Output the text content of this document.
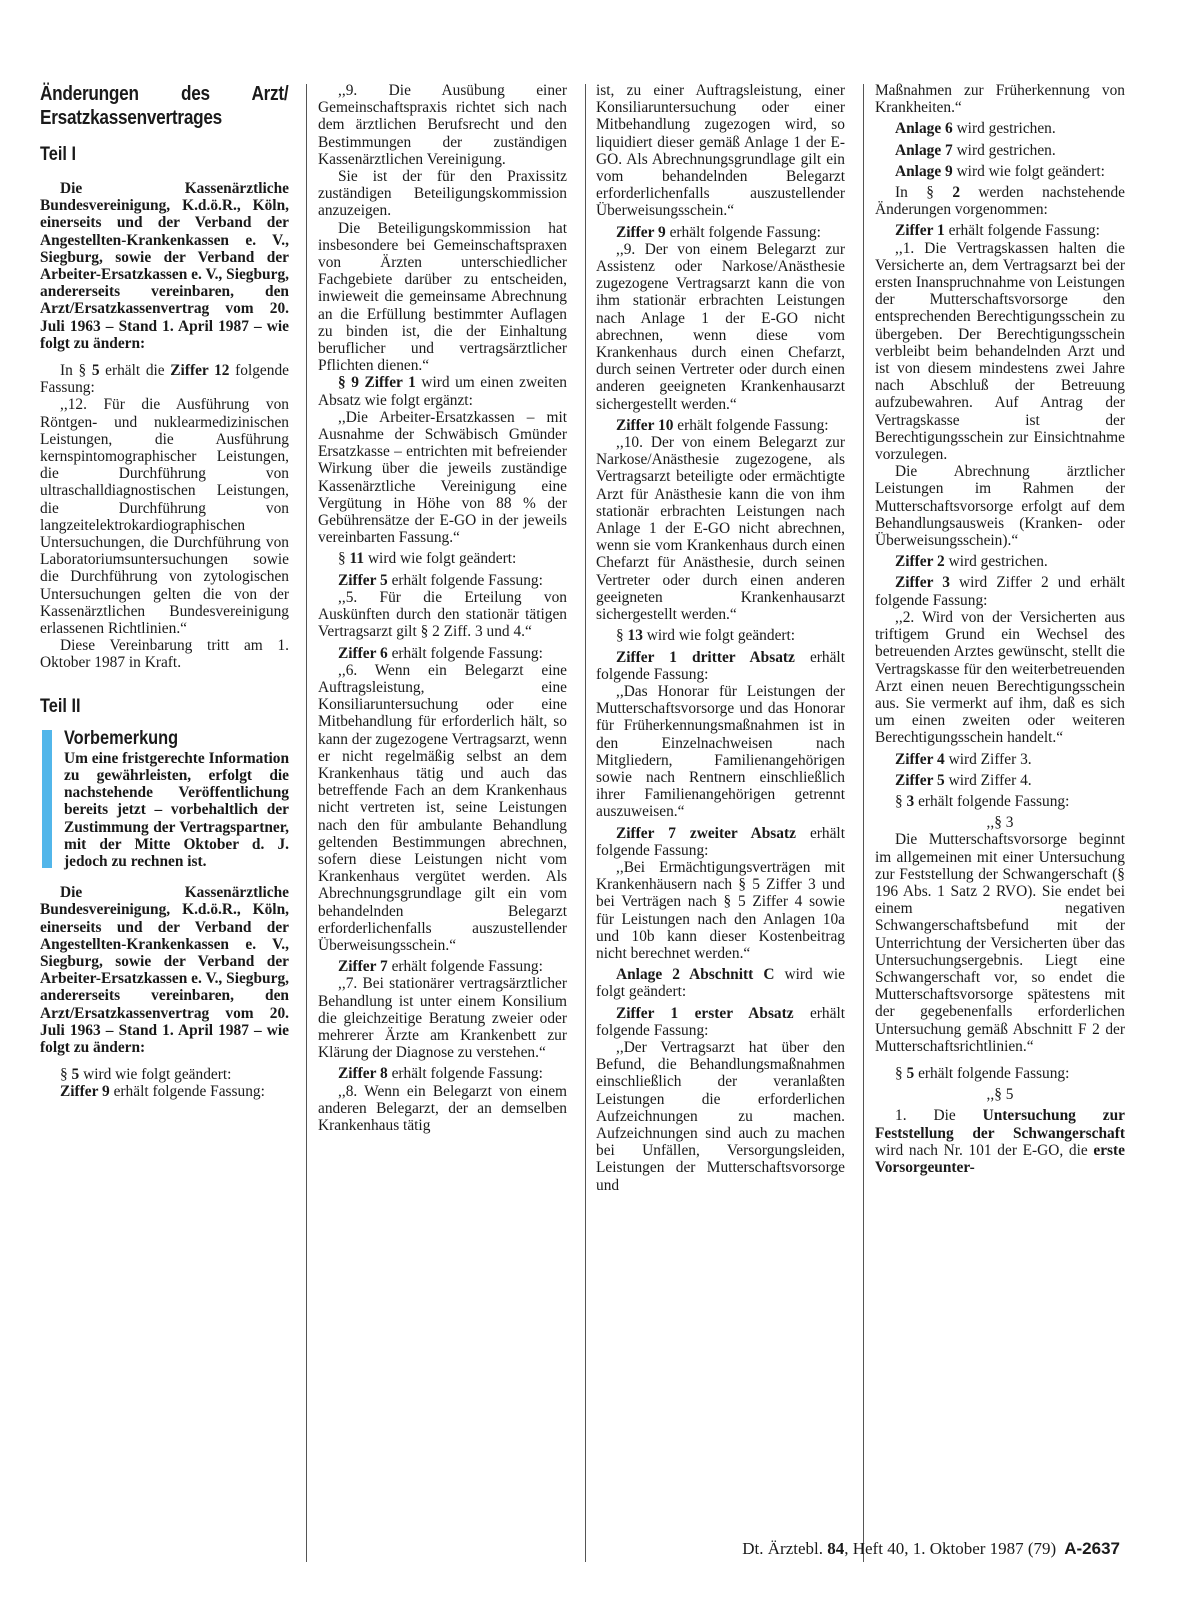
Änderungen des Arzt/ Ersatzkassenvertrages
Teil I

Die Kassenärztliche Bundesvereinigung, K.d.ö.R., Köln, einerseits und der Verband der Angestellten-Krankenkassen e. V., Siegburg, sowie der Verband der Arbeiter-Ersatzkassen e. V., Siegburg, andererseits vereinbaren, den Arzt/Ersatzkassenvertrag vom 20. Juli 1963 – Stand 1. April 1987 – wie folgt zu ändern:

In § 5 erhält die Ziffer 12 folgende Fassung:

,,12. Für die Ausführung von Röntgen- und nuklearmedizinischen Leistungen, die Ausführung kernspintomographischer Leistungen, die Durchführung von ultraschalldiagnostischen Leistungen, die Durchführung von langzeitelektrokardiographischen Untersuchungen, die Durchführung von Laboratoriumsuntersuchungen sowie die Durchführung von zytologischen Untersuchungen gelten die von der Kassenärztlichen Bundesvereinigung erlassenen Richtlinien.“

Diese Vereinbarung tritt am 1. Oktober 1987 in Kraft.

Teil II
Vorbemerkung

Um eine fristgerechte Information zu gewährleisten, erfolgt die nachstehende Veröffentlichung bereits jetzt – vorbehaltlich der Zustimmung der Vertragspartner, mit der Mitte Oktober d. J. jedoch zu rechnen ist.

Die Kassenärztliche Bundesvereinigung, K.d.ö.R., Köln, einerseits und der Verband der Angestellten-Krankenkassen e. V., Siegburg, sowie der Verband der Arbeiter-Ersatzkassen e. V., Siegburg, andererseits vereinbaren, den Arzt/Ersatzkassenvertrag vom 20. Juli 1963 – Stand 1. April 1987 – wie folgt zu ändern:

§ 5 wird wie folgt geändert:

Ziffer 9 erhält folgende Fassung:

,,9. Die Ausübung einer Gemeinschaftspraxis richtet sich nach dem ärztlichen Berufsrecht und den Bestimmungen der zuständigen Kassenärztlichen Vereinigung.

Sie ist der für den Praxissitz zuständigen Beteiligungskommission anzuzeigen.

Die Beteiligungskommission hat insbesondere bei Gemeinschaftspraxen von Ärzten unterschiedlicher Fachgebiete darüber zu entscheiden, inwieweit die gemeinsame Abrechnung an die Erfüllung bestimmter Auflagen zu binden ist, die der Einhaltung beruflicher und vertragsärztlicher Pflichten dienen.“

§ 9 Ziffer 1 wird um einen zweiten Absatz wie folgt ergänzt:

,,Die Arbeiter-Ersatzkassen – mit Ausnahme der Schwäbisch Gmünder Ersatzkasse – entrichten mit befreiender Wirkung über die jeweils zuständige Kassenärztliche Vereinigung eine Vergütung in Höhe von 88 % der Gebührensätze der E-GO in der jeweils vereinbarten Fassung.“

§ 11 wird wie folgt geändert:

Ziffer 5 erhält folgende Fassung:

,,5. Für die Erteilung von Auskünften durch den stationär tätigen Vertragsarzt gilt § 2 Ziff. 3 und 4.“

Ziffer 6 erhält folgende Fassung:

,,6. Wenn ein Belegarzt eine Auftragsleistung, eine Konsiliaruntersuchung oder eine Mitbehandlung für erforderlich hält, so kann der zugezogene Vertragsarzt, wenn er nicht regelmäßig selbst an dem Krankenhaus tätig und auch das betreffende Fach an dem Krankenhaus nicht vertreten ist, seine Leistungen nach den für ambulante Behandlung geltenden Bestimmungen abrechnen, sofern diese Leistungen nicht vom Krankenhaus vergütet werden. Als Abrechnungsgrundlage gilt ein vom behandelnden Belegarzt erforderlichenfalls auszustellender Überweisungsschein.“

Ziffer 7 erhält folgende Fassung:

,,7. Bei stationärer vertragsärztlicher Behandlung ist unter einem Konsilium die gleichzeitige Beratung zweier oder mehrerer Ärzte am Krankenbett zur Klärung der Diagnose zu verstehen.“

Ziffer 8 erhält folgende Fassung:

,,8. Wenn ein Belegarzt von einem anderen Belegarzt, der an demselben Krankenhaus tätig

ist, zu einer Auftragsleistung, einer Konsiliaruntersuchung oder einer Mitbehandlung zugezogen wird, so liquidiert dieser gemäß Anlage 1 der E-GO. Als Abrechnungsgrundlage gilt ein vom behandelnden Belegarzt erforderlichenfalls auszustellender Überweisungsschein.“

Ziffer 9 erhält folgende Fassung:

,,9. Der von einem Belegarzt zur Assistenz oder Narkose/Anästhesie zugezogene Vertragsarzt kann die von ihm stationär erbrachten Leistungen nach Anlage 1 der E-GO nicht abrechnen, wenn diese vom Krankenhaus durch einen Chefarzt, durch seinen Vertreter oder durch einen anderen geeigneten Krankenhausarzt sichergestellt werden.“

Ziffer 10 erhält folgende Fassung:

,,10. Der von einem Belegarzt zur Narkose/Anästhesie zugezogene, als Vertragsarzt beteiligte oder ermächtigte Arzt für Anästhesie kann die von ihm stationär erbrachten Leistungen nach Anlage 1 der E-GO nicht abrechnen, wenn sie vom Krankenhaus durch einen Chefarzt für Anästhesie, durch seinen Vertreter oder durch einen anderen geeigneten Krankenhausarzt sichergestellt werden.“

§ 13 wird wie folgt geändert:

Ziffer 1 dritter Absatz erhält folgende Fassung:

,,Das Honorar für Leistungen der Mutterschaftsvorsorge und das Honorar für Früherkennungsmaßnahmen ist in den Einzelnachweisen nach Mitgliedern, Familienangehörigen sowie nach Rentnern einschließlich ihrer Familienangehörigen getrennt auszuweisen.“

Ziffer 7 zweiter Absatz erhält folgende Fassung:

,,Bei Ermächtigungsverträgen mit Krankenhäusern nach § 5 Ziffer 3 und bei Verträgen nach § 5 Ziffer 4 sowie für Leistungen nach den Anlagen 10a und 10b kann dieser Kostenbeitrag nicht berechnet werden.“

Anlage 2 Abschnitt C wird wie folgt geändert:

Ziffer 1 erster Absatz erhält folgende Fassung:

,,Der Vertragsarzt hat über den Befund, die Behandlungsmaßnahmen einschließlich der veranlaßten Leistungen die erforderlichen Aufzeichnungen zu machen. Aufzeichnungen sind auch zu machen bei Unfällen, Versorgungsleiden, Leistungen der Mutterschaftsvorsorge und

Maßnahmen zur Früherkennung von Krankheiten.“

Anlage 6 wird gestrichen.

Anlage 7 wird gestrichen.

Anlage 9 wird wie folgt geändert:

In § 2 werden nachstehende Änderungen vorgenommen:

Ziffer 1 erhält folgende Fassung:

,,1. Die Vertragskassen halten die Versicherte an, dem Vertragsarzt bei der ersten Inanspruchnahme von Leistungen der Mutterschaftsvorsorge den entsprechenden Berechtigungsschein zu übergeben. Der Berechtigungsschein verbleibt beim behandelnden Arzt und ist von diesem mindestens zwei Jahre nach Abschluß der Betreuung aufzubewahren. Auf Antrag der Vertragskasse ist der Berechtigungsschein zur Einsichtnahme vorzulegen.

Die Abrechnung ärztlicher Leistungen im Rahmen der Mutterschaftsvorsorge erfolgt auf dem Behandlungsausweis (Kranken- oder Überweisungsschein).“

Ziffer 2 wird gestrichen.

Ziffer 3 wird Ziffer 2 und erhält folgende Fassung:

,,2. Wird von der Versicherten aus triftigem Grund ein Wechsel des betreuenden Arztes gewünscht, stellt die Vertragskasse für den weiterbetreuenden Arzt einen neuen Berechtigungsschein aus. Sie vermerkt auf ihm, daß es sich um einen zweiten oder weiteren Berechtigungsschein handelt.“

Ziffer 4 wird Ziffer 3.

Ziffer 5 wird Ziffer 4.

§ 3 erhält folgende Fassung:

,,§ 3

Die Mutterschaftsvorsorge beginnt im allgemeinen mit einer Untersuchung zur Feststellung der Schwangerschaft (§ 196 Abs. 1 Satz 2 RVO). Sie endet bei einem negativen Schwangerschaftsbefund mit der Unterrichtung der Versicherten über das Untersuchungsergebnis. Liegt eine Schwangerschaft vor, so endet die Mutterschaftsvorsorge spätestens mit der gegebenenfalls erforderlichen Untersuchung gemäß Abschnitt F 2 der Mutterschaftsrichtlinien.“

§ 5 erhält folgende Fassung:

,,§ 5

1. Die Untersuchung zur Feststellung der Schwangerschaft wird nach Nr. 101 der E-GO, die erste Vorsorgeunter-

Dt. Ärztebl. 84, Heft 40, 1. Oktober 1987 (79) A-2637
